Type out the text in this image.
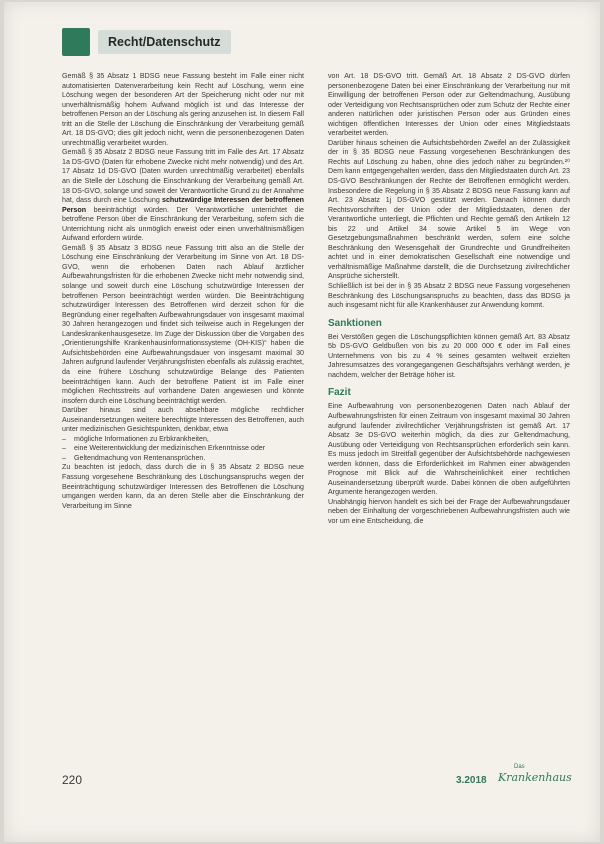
Recht/Datenschutz

Gemäß § 35 Absatz 1 BDSG neue Fassung besteht im Falle einer nicht automatisierten Datenverarbeitung kein Recht auf Löschung, wenn eine Löschung wegen der besonderen Art der Speicherung nicht oder nur mit unverhältnismäßig hohem Aufwand möglich ist und das Interesse der betroffenen Person an der Löschung als gering anzusehen ist. In diesem Fall tritt an die Stelle der Löschung die Einschränkung der Verarbeitung gemäß Art. 18 DS-GVO; dies gilt jedoch nicht, wenn die personenbezogenen Daten unrechtmäßig verarbeitet wurden.

Gemäß § 35 Absatz 2 BDSG neue Fassung tritt im Falle des Art. 17 Absatz 1a DS-GVO (Daten für erhobene Zwecke nicht mehr notwendig) und des Art. 17 Absatz 1d DS-GVO (Daten wurden unrechtmäßig verarbeitet) ebenfalls an die Stelle der Löschung die Einschränkung der Verarbeitung gemäß Art. 18 DS-GVO, solange und soweit der Verantwortliche Grund zu der Annahme hat, dass durch eine Löschung schutzwürdige Interessen der betroffenen Person beeinträchtigt würden. Der Verantwortliche unterrichtet die betroffene Person über die Einschränkung der Verarbeitung, sofern sich die Unterrichtung nicht als unmöglich erweist oder einen unverhältnismäßigen Aufwand erfordern würde.

Gemäß § 35 Absatz 3 BDSG neue Fassung tritt also an die Stelle der Löschung eine Einschränkung der Verarbeitung im Sinne von Art. 18 DS-GVO, wenn die erhobenen Daten nach Ablauf ärztlicher Aufbewahrungsfristen für die erhobenen Zwecke nicht mehr notwendig sind, solange und soweit durch eine Löschung schutzwürdige Interessen der betroffenen Person beeinträchtigt werden würden. Die Beeinträchtigung schutzwürdiger Interessen des Betroffenen wird derzeit schon für die Begründung einer regelhaften Aufbewahrungsdauer von insgesamt maximal 30 Jahren herangezogen und findet sich teilweise auch in Regelungen der Landeskrankenhausgesetze. Im Zuge der Diskussion über die Vorgaben des „Orientierungshilfe Krankenhausinformationssysteme (OH-KIS)“ haben die Aufsichtsbehörden eine Aufbewahrungsdauer von insgesamt maximal 30 Jahren aufgrund laufender Verjährungsfristen ebenfalls als zulässig erachtet, da eine frühere Löschung schutzwürdige Belange des Patienten beeinträchtigen kann. Auch der betroffene Patient ist im Falle einer möglichen Rechtsstreits auf vorhandene Daten angewiesen und könnte insofern durch eine Löschung beeinträchtigt werden.

Darüber hinaus sind auch absehbare mögliche rechtlicher Auseinandersetzungen weitere berechtigte Interessen des Betroffenen, auch unter medizinischen Gesichtspunkten, denkbar, etwa

– mögliche Informationen zu Erbkrankheiten,
– eine Weiterentwicklung der medizinischen Erkenntnisse oder
– Geltendmachung von Rentenansprüchen.

Zu beachten ist jedoch, dass durch die in § 35 Absatz 2 BDSG neue Fassung vorgesehene Beschränkung des Löschungsanspruchs wegen der Beeinträchtigung schutzwürdiger Interessen des Betroffenen die Löschung umgangen werden kann, da an deren Stelle aber die Einschränkung der Verarbeitung im Sinne

von Art. 18 DS-GVO tritt. Gemäß Art. 18 Absatz 2 DS-GVO dürfen personenbezogene Daten bei einer Einschränkung der Verarbeitung nur mit Einwilligung der betroffenen Person oder zur Geltendmachung, Ausübung oder Verteidigung von Rechtsansprüchen oder zum Schutz der Rechte einer anderen natürlichen oder juristischen Person oder aus Gründen eines wichtigen öffentlichen Interesses der Union oder eines Mitgliedstaats verarbeitet werden.

Darüber hinaus scheinen die Aufsichtsbehörden Zweifel an der Zulässigkeit der in § 35 BDSG neue Fassung vorgesehenen Beschränkungen des Rechts auf Löschung zu haben, ohne dies jedoch näher zu begründen.²⁰ Dem kann entgegengehalten werden, dass den Mitgliedstaaten durch Art. 23 DS-GVO Beschränkungen der Rechte der Betroffenen ermöglicht werden. Insbesondere die Regelung in § 35 Absatz 2 BDSG neue Fassung kann auf Art. 23 Absatz 1j DS-GVO gestützt werden. Danach können durch Rechtsvorschriften der Union oder der Mitgliedstaaten, denen der Verantwortliche unterliegt, die Pflichten und Rechte gemäß den Artikeln 12 bis 22 und Artikel 34 sowie Artikel 5 im Wege von Gesetzgebungsmaßnahmen beschränkt werden, sofern eine solche Beschränkung den Wesensgehalt der Grundrechte und Grundfreiheiten achtet und in einer demokratischen Gesellschaft eine notwendige und verhältnismäßige Maßnahme darstellt, die die Durchsetzung zivilrechtlicher Ansprüche sicherstellt.

Schließlich ist bei der in § 35 Absatz 2 BDSG neue Fassung vorgesehenen Beschränkung des Löschungsanspruchs zu beachten, dass das BDSG ja auch insgesamt nicht für alle Krankenhäuser zur Anwendung kommt.

Sanktionen

Bei Verstößen gegen die Löschungspflichten können gemäß Art. 83 Absatz 5b DS-GVO Geldbußen von bis zu 20 000 000 € oder im Fall eines Unternehmens von bis zu 4 % seines gesamten weltweit erzielten Jahresumsatzes des vorangegangenen Geschäftsjahrs verhängt werden, je nachdem, welcher der Beträge höher ist.

Fazit

Eine Aufbewahrung von personenbezogenen Daten nach Ablauf der Aufbewahrungsfristen für einen Zeitraum von insgesamt maximal 30 Jahren aufgrund laufender zivilrechtlicher Verjährungsfristen ist gemäß Art. 17 Absatz 3e DS-GVO weiterhin möglich, da dies zur Geltendmachung, Ausübung oder Verteidigung von Rechtsansprüchen erforderlich sein kann. Es muss jedoch im Streitfall gegenüber der Aufsichtsbehörde nachgewiesen werden können, dass die Erforderlichkeit im Rahmen einer abwägenden Prognose mit Blick auf die Wahrscheinlichkeit einer rechtlichen Auseinandersetzung überprüft wurde. Dabei können die oben aufgeführten Argumente herangezogen werden.

Unabhängig hiervon handelt es sich bei der Frage der Aufbewahrungsdauer neben der Einhaltung der vorgeschriebenen Aufbewahrungsfristen auch wie vor um eine Entscheidung, die

220	3.2018
Das
Krankenhaus
